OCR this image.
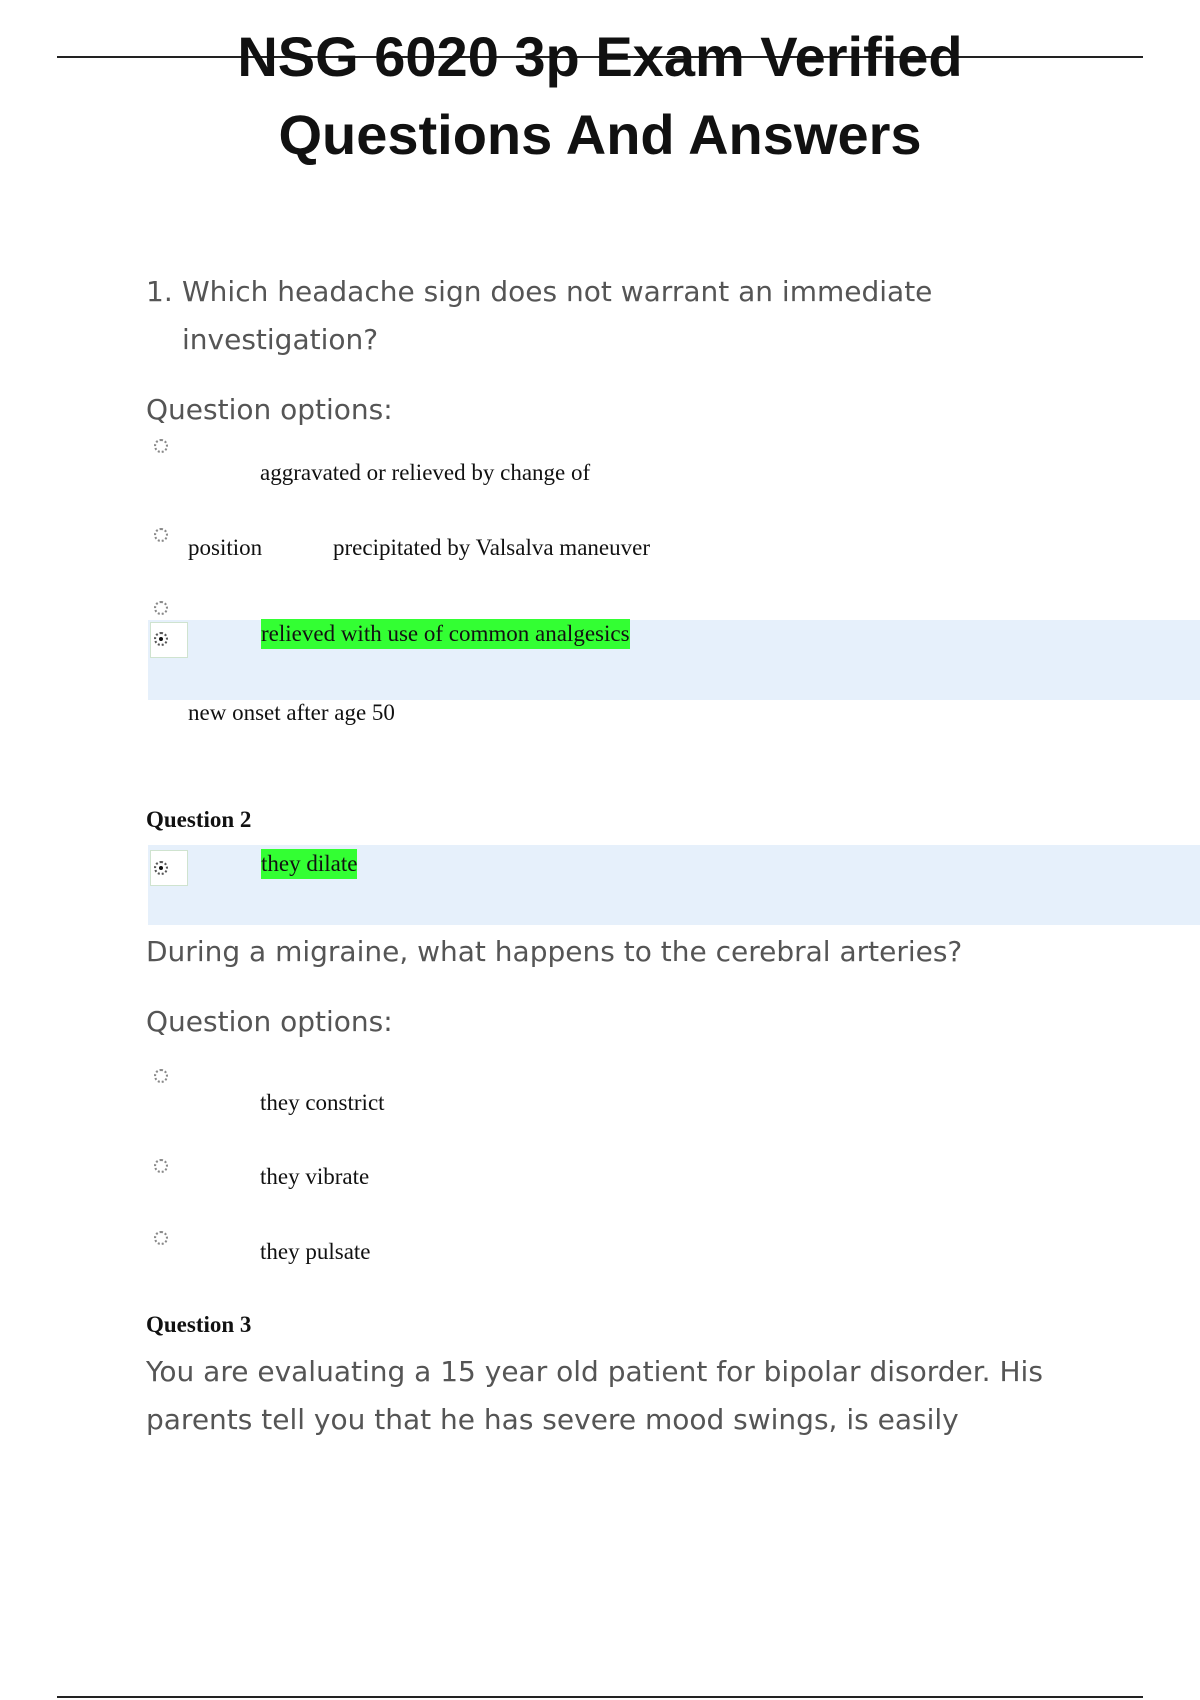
NSG 6020 3p Exam Verified
Questions And Answers
1. Which headache sign does not warrant an immediate investigation?
Question options:
aggravated or relieved by change of
position	precipitated by Valsalva maneuver
relieved with use of common analgesics
new onset after age 50
Question 2
they dilate
During a migraine, what happens to the cerebral arteries?
Question options:
they constrict
they vibrate
they pulsate
Question 3
You are evaluating a 15 year old patient for bipolar disorder. His
parents tell you that he has severe mood swings, is easily
